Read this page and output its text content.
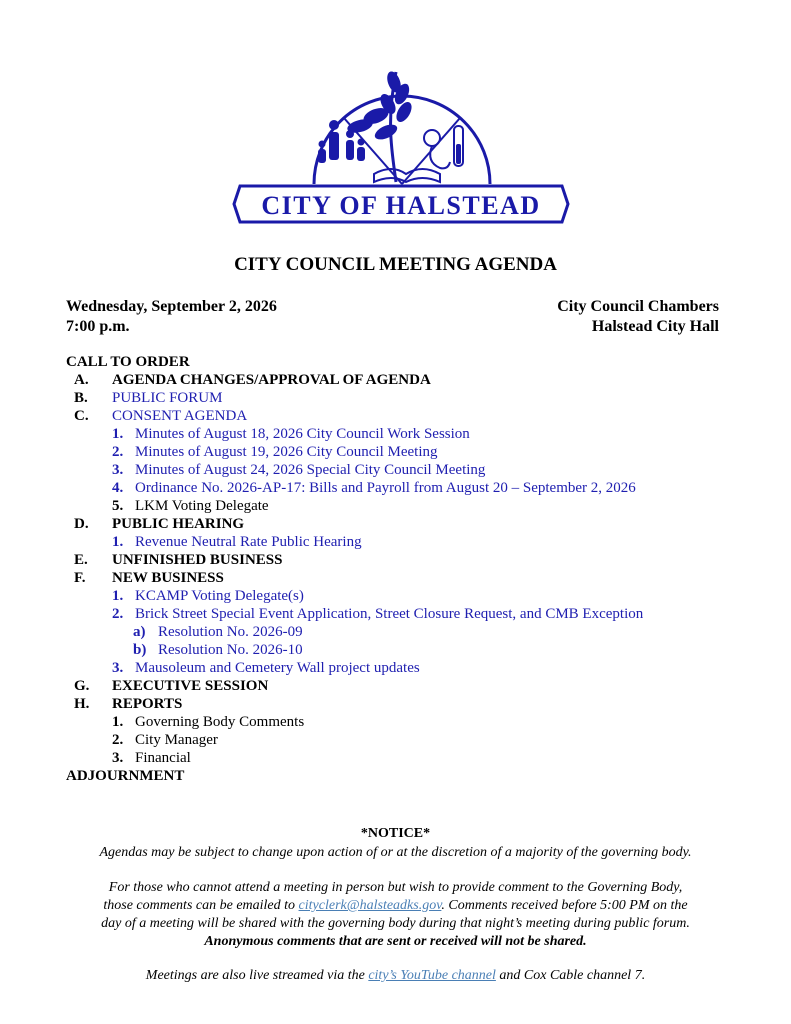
CITY OF HALSTEAD
CITY COUNCIL MEETING AGENDA
Wednesday, September 2, 2026
7:00 p.m.
City Council Chambers
Halstead City Hall
CALL TO ORDER
A. AGENDA CHANGES/APPROVAL OF AGENDA
B. PUBLIC FORUM
C. CONSENT AGENDA
1. Minutes of August 18, 2026 City Council Work Session
2. Minutes of August 19, 2026 City Council Meeting
3. Minutes of August 24, 2026 Special City Council Meeting
4. Ordinance No. 2026-AP-17: Bills and Payroll from August 20 – September 2, 2026
5. LKM Voting Delegate
D. PUBLIC HEARING
1. Revenue Neutral Rate Public Hearing
E. UNFINISHED BUSINESS
F. NEW BUSINESS
1. KCAMP Voting Delegate(s)
2. Brick Street Special Event Application, Street Closure Request, and CMB Exception
a) Resolution No. 2026-09
b) Resolution No. 2026-10
3. Mausoleum and Cemetery Wall project updates
G. EXECUTIVE SESSION
H. REPORTS
1. Governing Body Comments
2. City Manager
3. Financial
ADJOURNMENT
*NOTICE*
Agendas may be subject to change upon action of or at the discretion of a majority of the governing body.
For those who cannot attend a meeting in person but wish to provide comment to the Governing Body,
those comments can be emailed to cityclerk@halsteadks.gov. Comments received before 5:00 PM on the
day of a meeting will be shared with the governing body during that night’s meeting during public forum.
Anonymous comments that are sent or received will not be shared.
Meetings are also live streamed via the city’s YouTube channel and Cox Cable channel 7.
